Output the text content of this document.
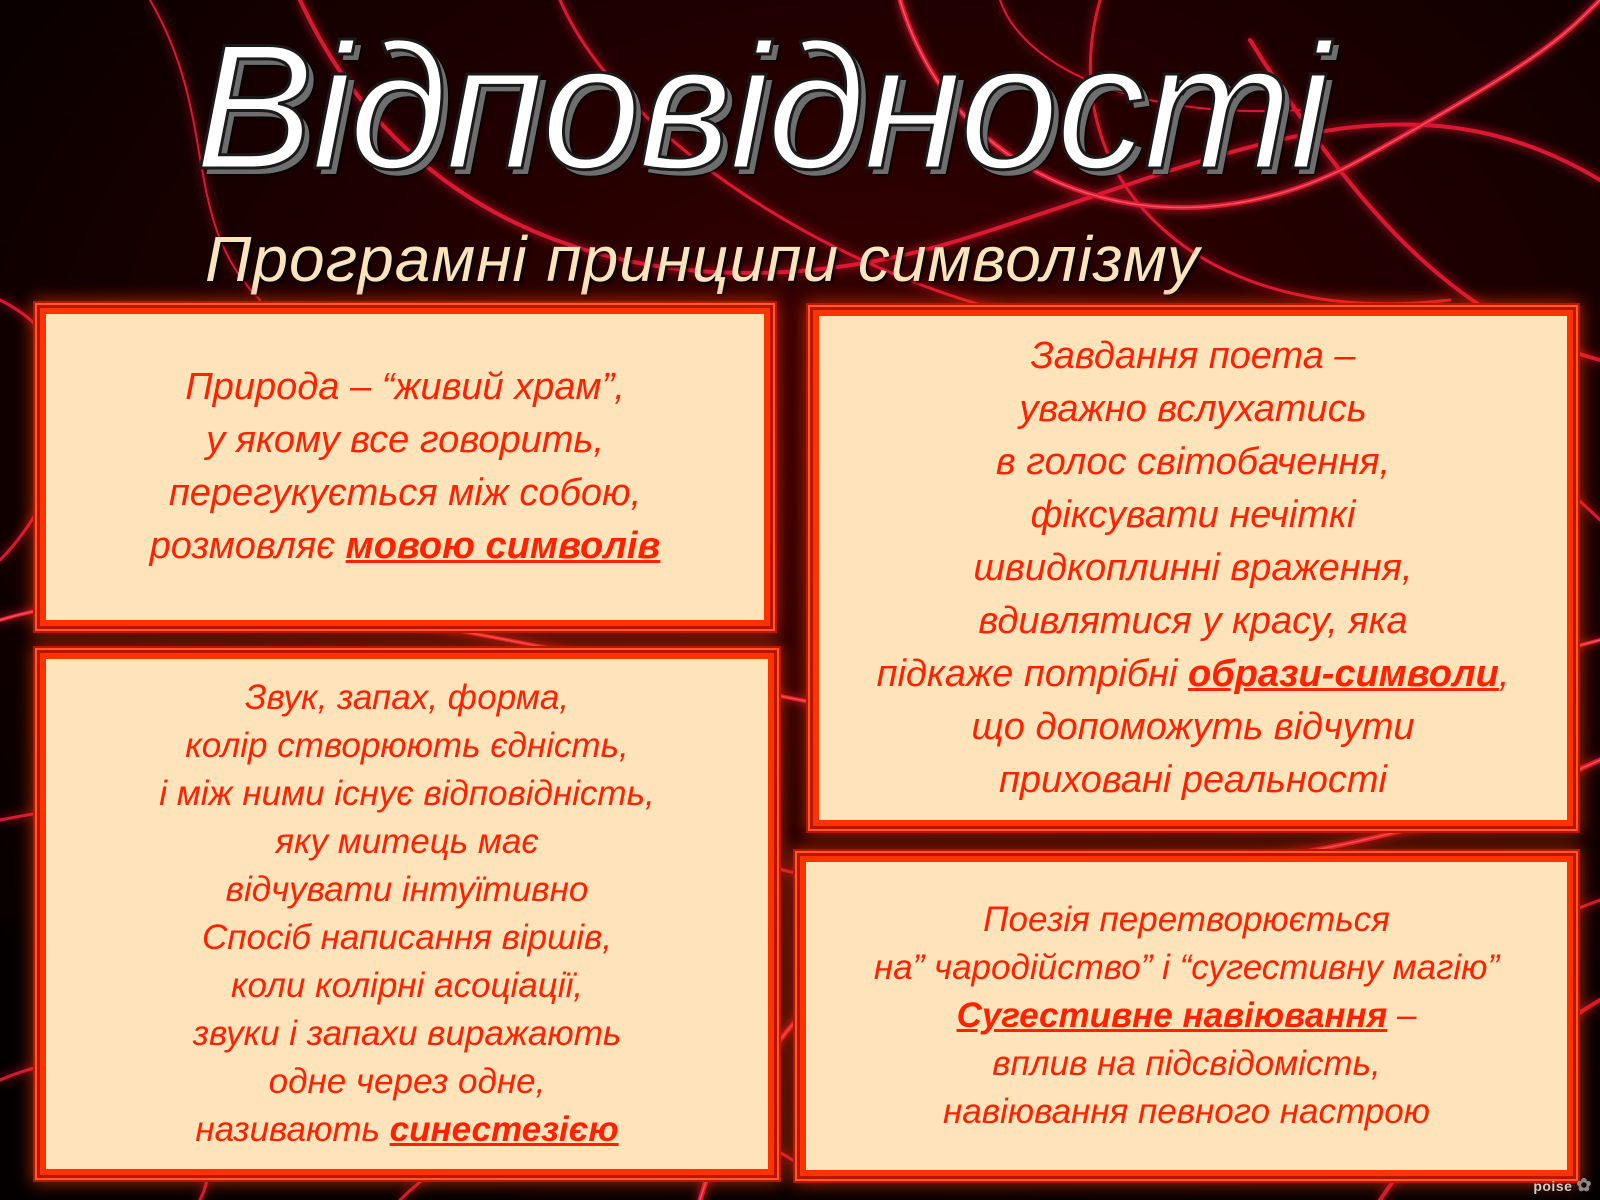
Відповідності
Програмні принципи символізму

Природа – “живий храм”,
у якому все говорить,
перегукується між собою,
розмовляє мовою символів

Завдання поета –
уважно вслухатись
в голос світобачення,
фіксувати нечіткі
швидкоплинні враження,
вдивлятися у красу, яка
підкаже потрібні образи-символи,
що допоможуть відчути
приховані реальності

Звук, запах, форма,
колір створюють єдність,
і між ними існує відповідність,
яку митець має
відчувати інтуїтивно
Спосіб написання віршів,
коли колірні асоціації,
звуки і запахи виражають
одне через одне,
називають синестезією

Поезія перетворюється
на” чародійство” і “сугестивну магію”
Сугестивне навіювання –
вплив на підсвідомість,
навіювання певного настрою

poise ✿
